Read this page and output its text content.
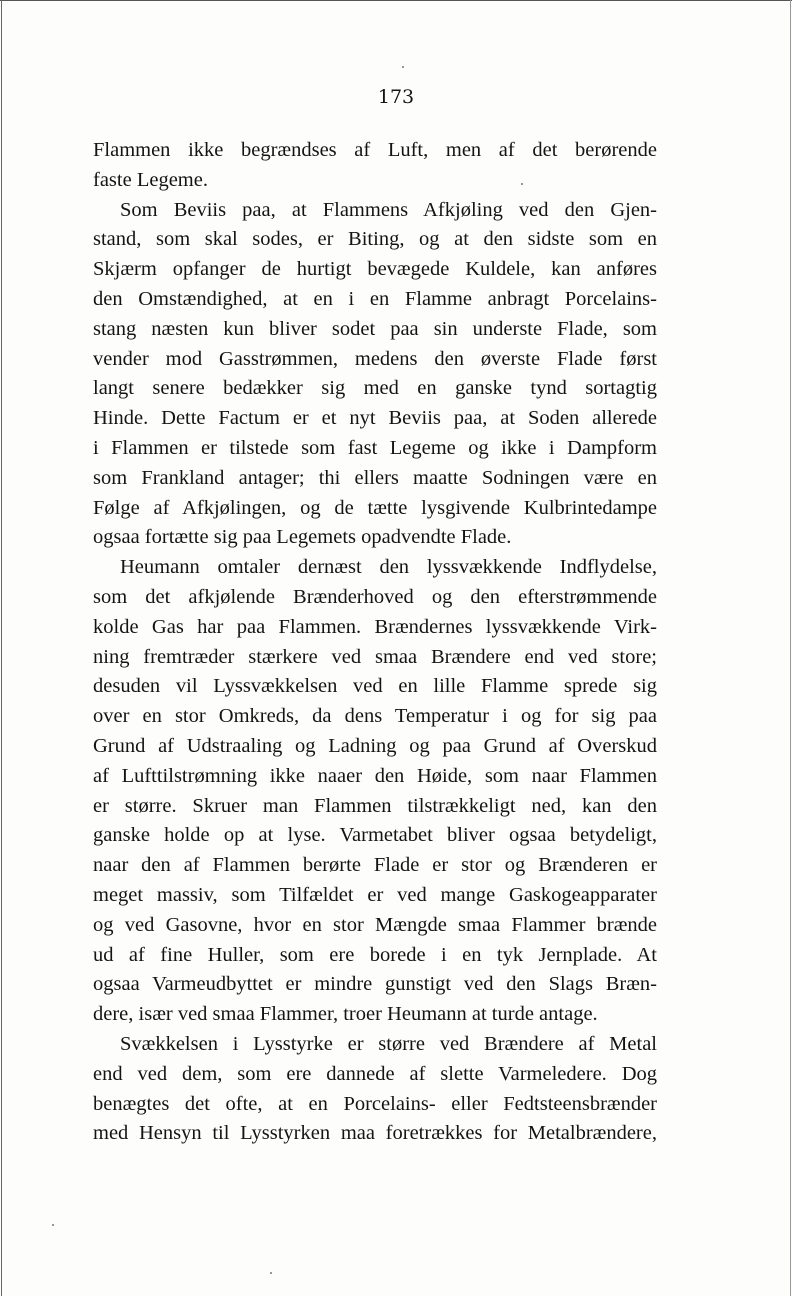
173
Flammen ikke begrændses af Luft, men af det berørende
faste Legeme.
Som Beviis paa, at Flammens Afkjøling ved den Gjen-
stand, som skal sodes, er Biting, og at den sidste som en
Skjærm opfanger de hurtigt bevægede Kuldele, kan anføres
den Omstændighed, at en i en Flamme anbragt Porcelains-
stang næsten kun bliver sodet paa sin underste Flade, som
vender mod Gasstrømmen, medens den øverste Flade først
langt senere bedækker sig med en ganske tynd sortagtig
Hinde. Dette Factum er et nyt Beviis paa, at Soden allerede
i Flammen er tilstede som fast Legeme og ikke i Dampform
som Frankland antager; thi ellers maatte Sodningen være en
Følge af Afkjølingen, og de tætte lysgivende Kulbrintedampe
ogsaa fortætte sig paa Legemets opadvendte Flade.
Heumann omtaler dernæst den lyssvækkende Indflydelse,
som det afkjølende Brænderhoved og den efterstrømmende
kolde Gas har paa Flammen. Brændernes lyssvækkende Virk-
ning fremtræder stærkere ved smaa Brændere end ved store;
desuden vil Lyssvækkelsen ved en lille Flamme sprede sig
over en stor Omkreds, da dens Temperatur i og for sig paa
Grund af Udstraaling og Ladning og paa Grund af Overskud
af Lufttilstrømning ikke naaer den Høide, som naar Flammen
er større. Skruer man Flammen tilstrækkeligt ned, kan den
ganske holde op at lyse. Varmetabet bliver ogsaa betydeligt,
naar den af Flammen berørte Flade er stor og Brænderen er
meget massiv, som Tilfældet er ved mange Gaskogeapparater
og ved Gasovne, hvor en stor Mængde smaa Flammer brænde
ud af fine Huller, som ere borede i en tyk Jernplade. At
ogsaa Varmeudbyttet er mindre gunstigt ved den Slags Bræn-
dere, især ved smaa Flammer, troer Heumann at turde antage.
Svækkelsen i Lysstyrke er større ved Brændere af Metal
end ved dem, som ere dannede af slette Varmeledere. Dog
benægtes det ofte, at en Porcelains- eller Fedtsteensbrænder
med Hensyn til Lysstyrken maa foretrækkes for Metalbrændere,
